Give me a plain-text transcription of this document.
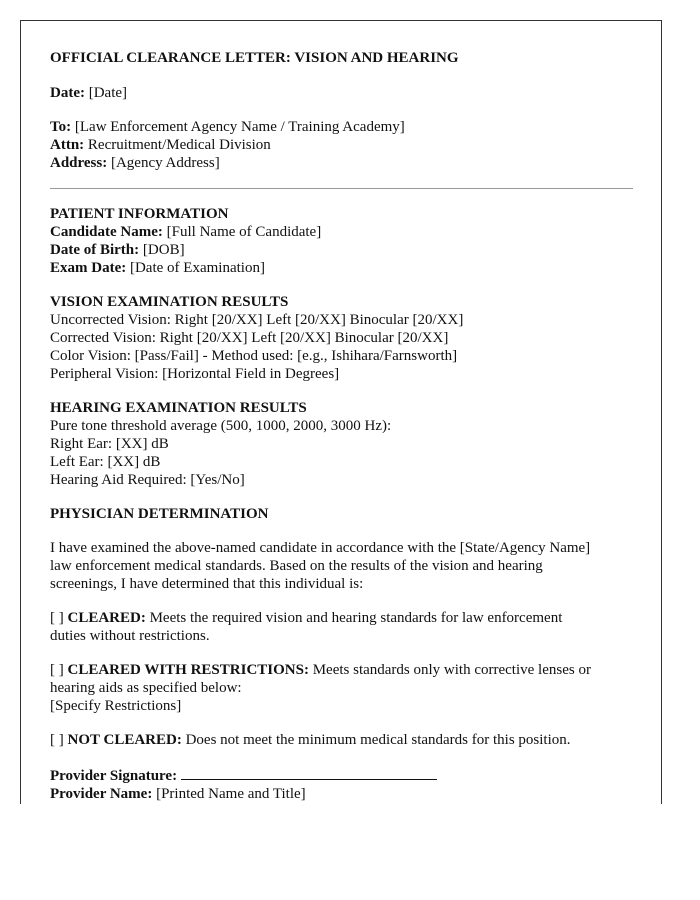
OFFICIAL CLEARANCE LETTER: VISION AND HEARING
Date: [Date]
To: [Law Enforcement Agency Name / Training Academy]
Attn: Recruitment/Medical Division
Address: [Agency Address]
PATIENT INFORMATION
Candidate Name: [Full Name of Candidate]
Date of Birth: [DOB]
Exam Date: [Date of Examination]
VISION EXAMINATION RESULTS
Uncorrected Vision: Right [20/XX] Left [20/XX] Binocular [20/XX]
Corrected Vision: Right [20/XX] Left [20/XX] Binocular [20/XX]
Color Vision: [Pass/Fail] - Method used: [e.g., Ishihara/Farnsworth]
Peripheral Vision: [Horizontal Field in Degrees]
HEARING EXAMINATION RESULTS
Pure tone threshold average (500, 1000, 2000, 3000 Hz):
Right Ear: [XX] dB
Left Ear: [XX] dB
Hearing Aid Required: [Yes/No]
PHYSICIAN DETERMINATION
I have examined the above-named candidate in accordance with the [State/Agency Name]
law enforcement medical standards. Based on the results of the vision and hearing
screenings, I have determined that this individual is:
[ ] CLEARED: Meets the required vision and hearing standards for law enforcement
duties without restrictions.
[ ] CLEARED WITH RESTRICTIONS: Meets standards only with corrective lenses or
hearing aids as specified below:
[Specify Restrictions]
[ ] NOT CLEARED: Does not meet the minimum medical standards for this position.
Provider Signature:
Provider Name: [Printed Name and Title]
